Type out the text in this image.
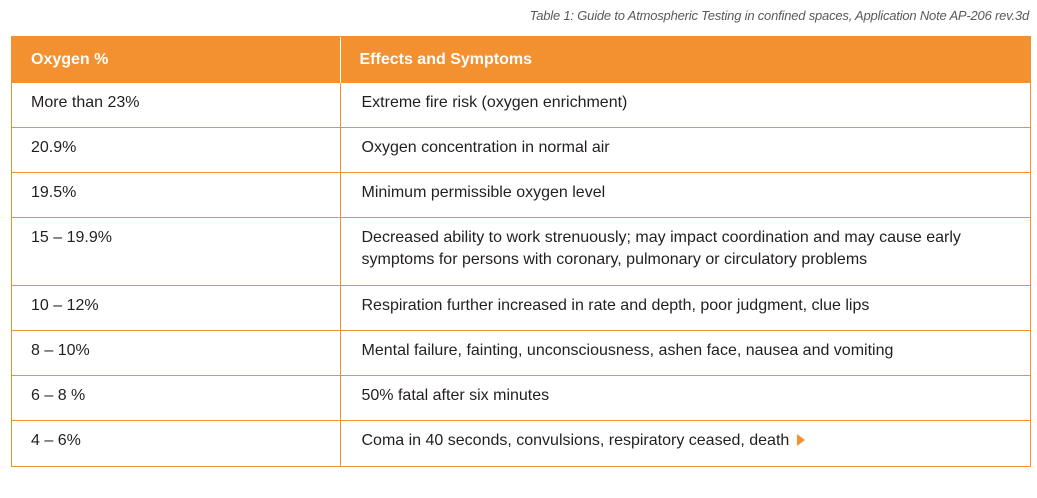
Table 1: Guide to Atmospheric Testing in confined spaces, Application Note AP-206 rev.3d
Oxygen %	Effects and Symptoms
More than 23%	Extreme fire risk (oxygen enrichment)
20.9%	Oxygen concentration in normal air
19.5%	Minimum permissible oxygen level
15 – 19.9%	Decreased ability to work strenuously; may impact coordination and may cause early symptoms for persons with coronary, pulmonary or circulatory problems
10 – 12%	Respiration further increased in rate and depth, poor judgment, clue lips
8 – 10%	Mental failure, fainting, unconsciousness, ashen face, nausea and vomiting
6 – 8 %	50% fatal after six minutes
4 – 6%	Coma in 40 seconds, convulsions, respiratory ceased, death
